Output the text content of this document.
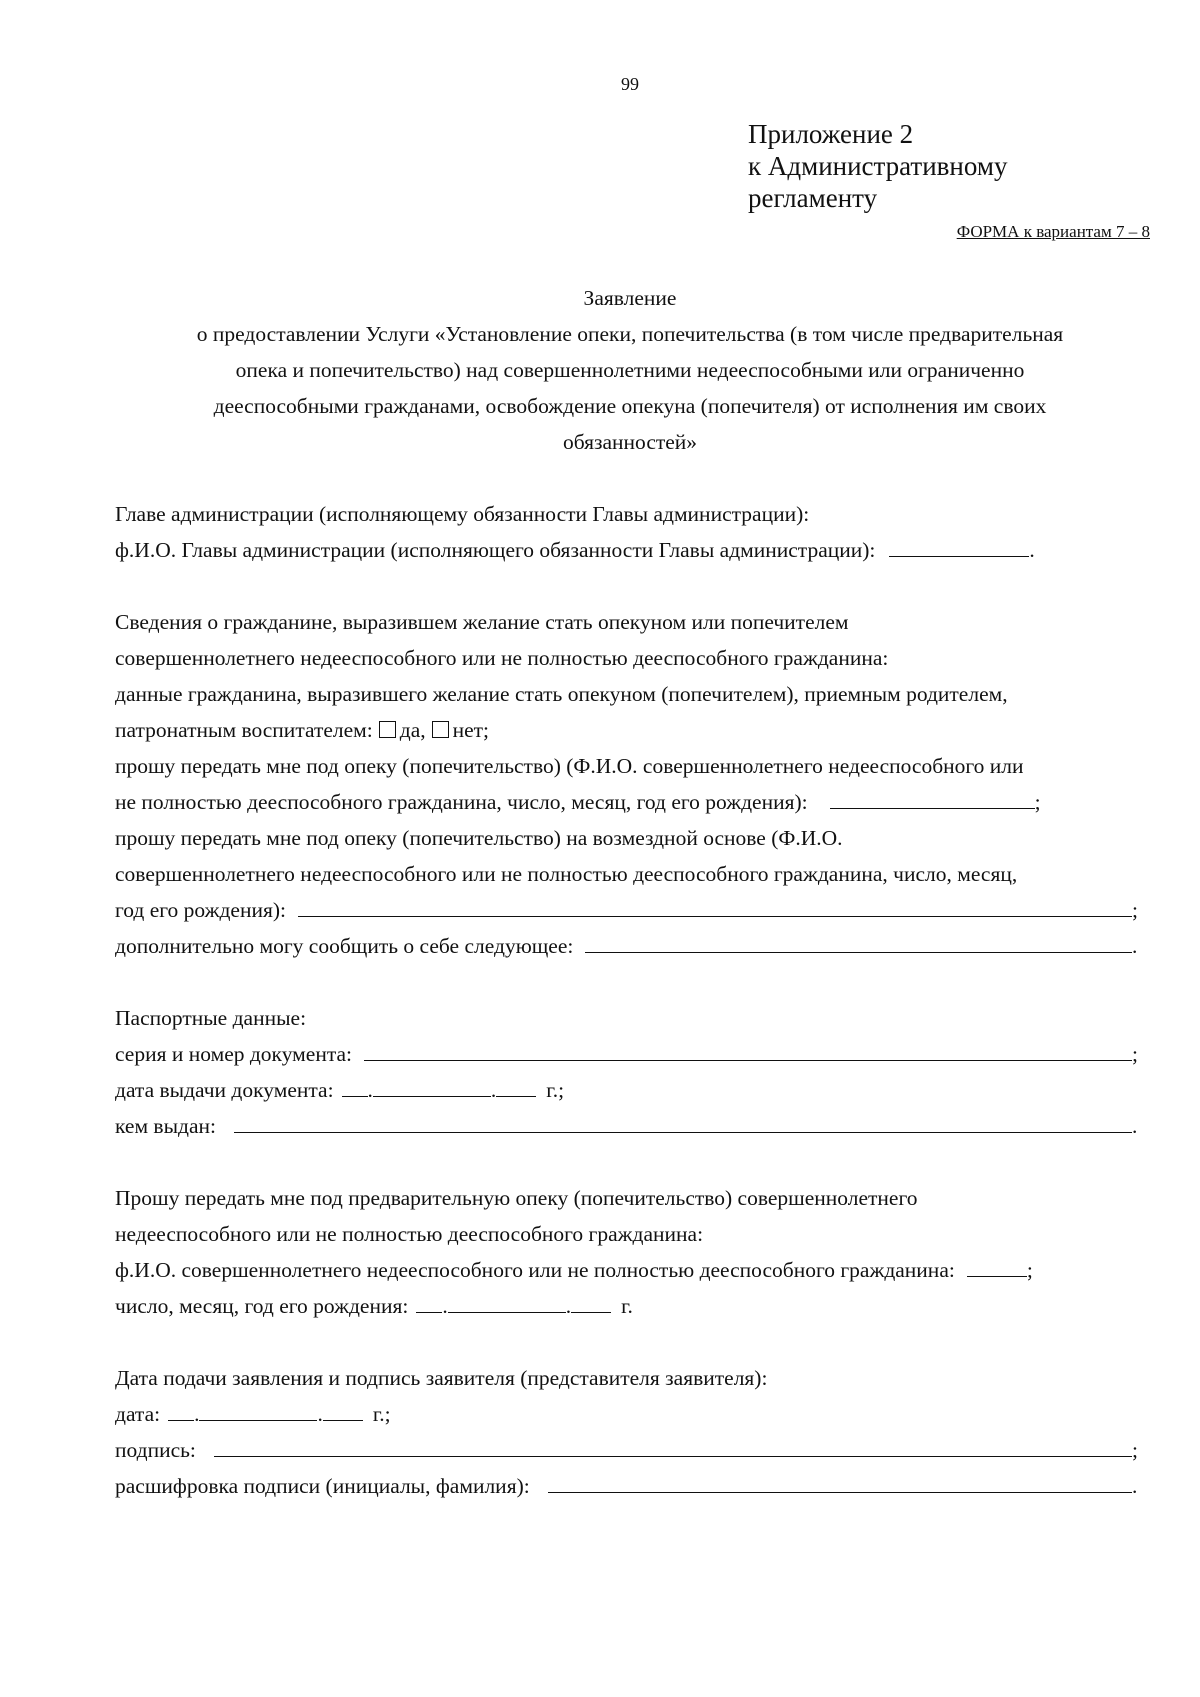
99
Приложение 2
к Административному
регламенту
ФОРМА к вариантам 7 – 8
Заявление
о предоставлении Услуги «Установление опеки, попечительства (в том числе предварительная
опека и попечительство) над совершеннолетними недееспособными или ограниченно
дееспособными гражданами, освобождение опекуна (попечителя) от исполнения им своих
обязанностей»
Главе администрации (исполняющему обязанности Главы администрации):
ф.И.О. Главы администрации (исполняющего обязанности Главы администрации):	.
Сведения о гражданине, выразившем желание стать опекуном или попечителем
совершеннолетнего недееспособного или не полностью дееспособного гражданина:
данные гражданина, выразившего желание стать опекуном (попечителем), приемным родителем,
патронатным воспитателем: да, нет;
прошу передать мне под опеку (попечительство) (Ф.И.О. совершеннолетнего недееспособного или
не полностью дееспособного гражданина, число, месяц, год его рождения):	;
прошу передать мне под опеку (попечительство) на возмездной основе (Ф.И.О.
совершеннолетнего недееспособного или не полностью дееспособного гражданина, число, месяц,
год его рождения):	;
дополнительно могу сообщить о себе следующее:	.
Паспортные данные:
серия и номер документа:	;
дата выдачи документа: .	. г.;
кем выдан:	.
Прошу передать мне под предварительную опеку (попечительство) совершеннолетнего
недееспособного или не полностью дееспособного гражданина:
ф.И.О. совершеннолетнего недееспособного или не полностью дееспособного гражданина:	;
число, месяц, год его рождения: .	. г.
Дата подачи заявления и подпись заявителя (представителя заявителя):
дата: .	. г.;
подпись:	;
расшифровка подписи (инициалы, фамилия):	.
